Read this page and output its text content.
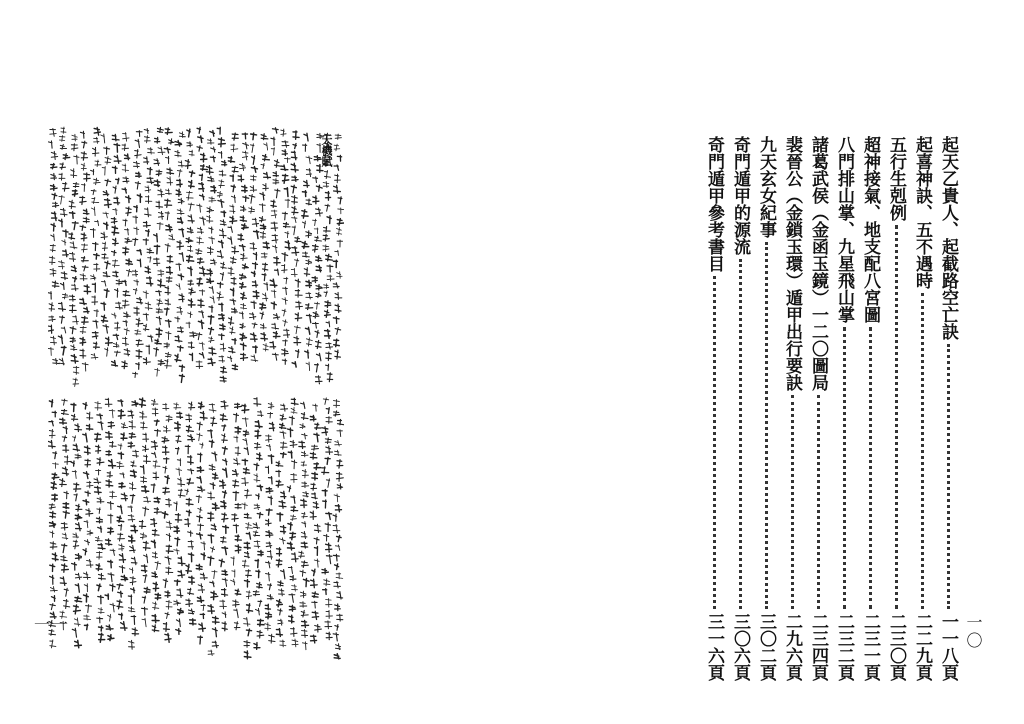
天機賦
一一
起天乙貴人、起截路空亡訣
一一八頁
起喜神訣、五不遇時
二二九頁
五行生剋例
二三〇頁
超神接氣、地支配八宮圖
二三一頁
八門排山掌、九星飛山掌
二三二頁
諸葛武侯（金函玉鏡）一二〇圖局
二三四頁
裴晉公（金鎖玉環）遁甲出行要訣
二九六頁
九天玄女紀事
三〇二頁
奇門遁甲的源流
三〇六頁
奇門遁甲參考書目
三一六頁	一〇
